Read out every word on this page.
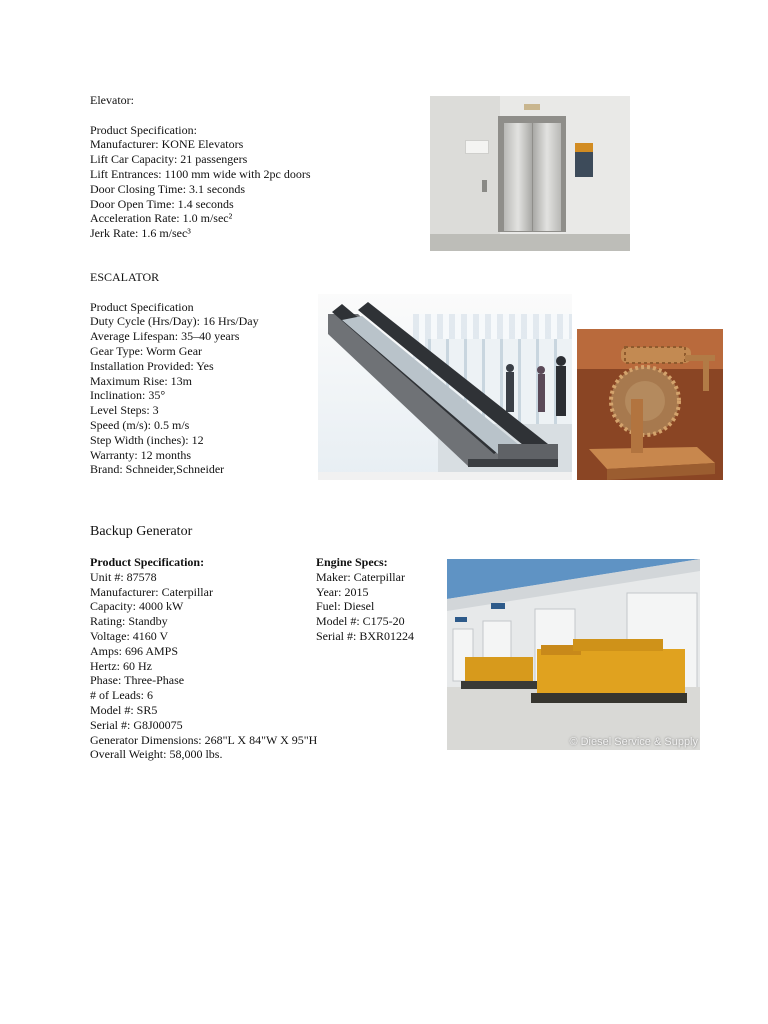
Elevator:

Product Specification:

Manufacturer: KONE Elevators

Lift Car Capacity: 21 passengers

Lift Entrances: 1100 mm wide with 2pc doors

Door Closing Time: 3.1 seconds

Door Open Time: 1.4 seconds

Acceleration Rate: 1.0 m/sec²

Jerk Rate: 1.6 m/sec³

ESCALATOR

Product Specification

Duty Cycle (Hrs/Day): 16 Hrs/Day

Average Lifespan: 35–40 years

Gear Type: Worm Gear

Installation Provided: Yes

Maximum Rise: 13m

Inclination: 35°

Level Steps: 3

Speed (m/s): 0.5 m/s

Step Width (inches): 12

Warranty: 12 months

Brand: Schneider,Schneider

Backup Generator

Product Specification:

Unit #: 87578

Manufacturer: Caterpillar

Capacity: 4000 kW

Rating: Standby

Voltage: 4160 V

Amps: 696 AMPS

Hertz: 60 Hz

Phase: Three-Phase

# of Leads: 6

Model #: SR5

Serial #: G8J00075

Generator Dimensions: 268"L X 84"W X 95"H

Overall Weight: 58,000 lbs.

Engine Specs:

Maker: Caterpillar

Year: 2015

Fuel: Diesel

Model #: C175-20

Serial #: BXR01224

© Diesel Service & Supply
